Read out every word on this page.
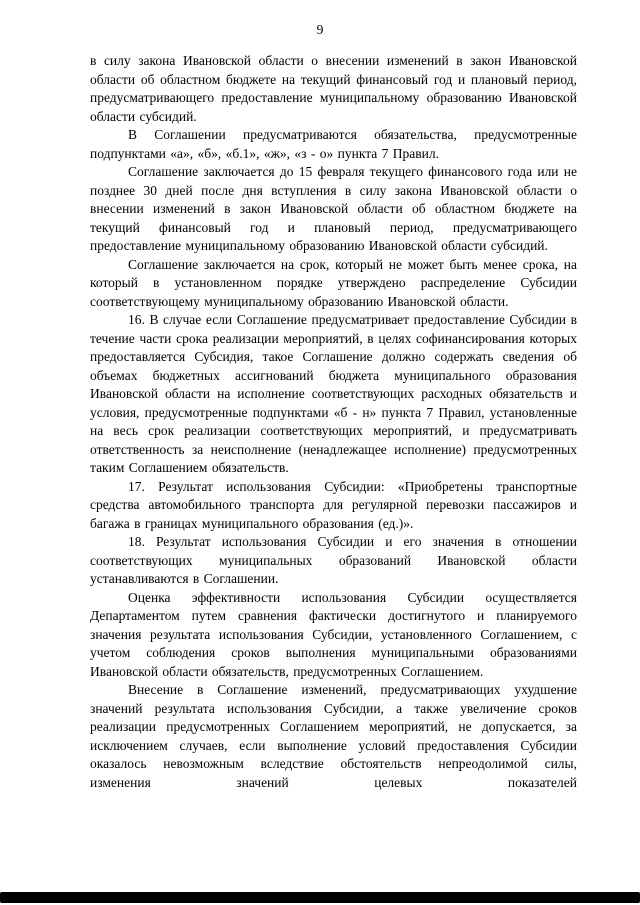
9

в силу закона Ивановской области о внесении изменений в закон Ивановской области об областном бюджете на текущий финансовый год и плановый период, предусматривающего предоставление муниципальному образованию Ивановской области субсидий.

В Соглашении предусматриваются обязательства, предусмотренные подпунктами «а», «б», «б.1», «ж», «з - о» пункта 7 Правил.

Соглашение заключается до 15 февраля текущего финансового года или не позднее 30 дней после дня вступления в силу закона Ивановской области о внесении изменений в закон Ивановской области об областном бюджете на текущий финансовый год и плановый период, предусматривающего предоставление муниципальному образованию Ивановской области субсидий.

Соглашение заключается на срок, который не может быть менее срока, на который в установленном порядке утверждено распределение Субсидии соответствующему муниципальному образованию Ивановской области.

16. В случае если Соглашение предусматривает предоставление Субсидии в течение части срока реализации мероприятий, в целях софинансирования которых предоставляется Субсидия, такое Соглашение должно содержать сведения об объемах бюджетных ассигнований бюджета муниципального образования Ивановской области на исполнение соответствующих расходных обязательств и условия, предусмотренные подпунктами «б - н» пункта 7 Правил, установленные на весь срок реализации соответствующих мероприятий, и предусматривать ответственность за неисполнение (ненадлежащее исполнение) предусмотренных таким Соглашением обязательств.

17. Результат использования Субсидии: «Приобретены транспортные средства автомобильного транспорта для регулярной перевозки пассажиров и багажа в границах муниципального образования (ед.)».

18. Результат использования Субсидии и его значения в отношении соответствующих муниципальных образований Ивановской области устанавливаются в Соглашении.

Оценка эффективности использования Субсидии осуществляется Департаментом путем сравнения фактически достигнутого и планируемого значения результата использования Субсидии, установленного Соглашением, с учетом соблюдения сроков выполнения муниципальными образованиями Ивановской области обязательств, предусмотренных Соглашением.

Внесение в Соглашение изменений, предусматривающих ухудшение значений результата использования Субсидии, а также увеличение сроков реализации предусмотренных Соглашением мероприятий, не допускается, за исключением случаев, если выполнение условий предоставления Субсидии оказалось невозможным вследствие обстоятельств непреодолимой силы, изменения значений целевых показателей
